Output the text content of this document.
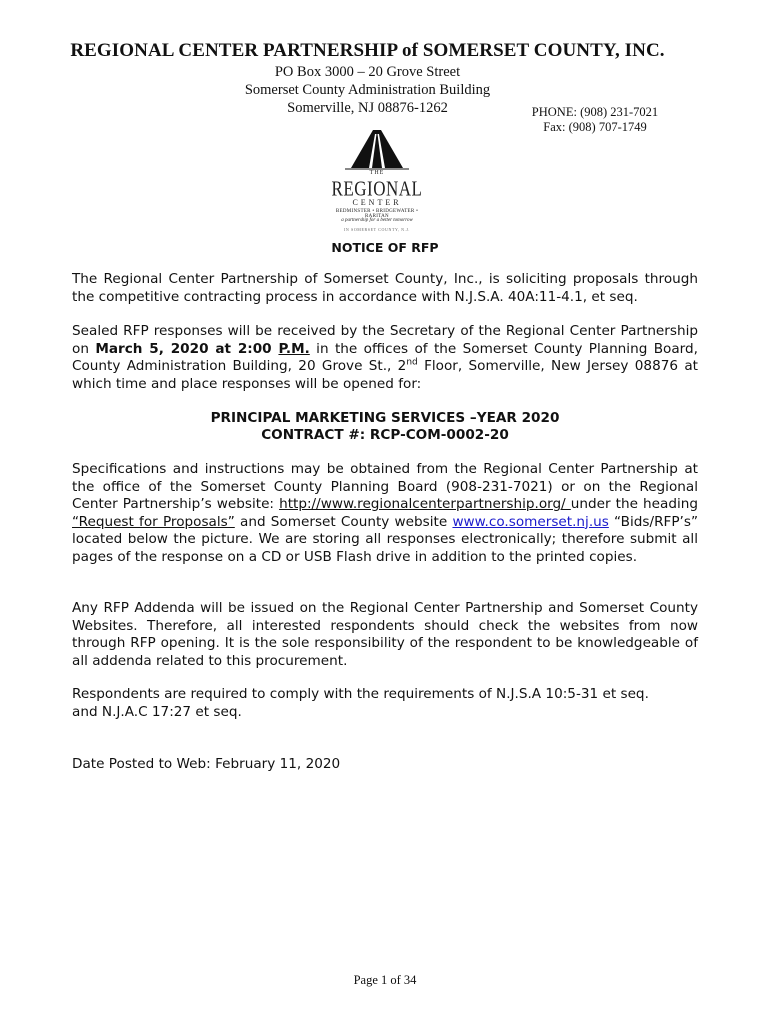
REGIONAL CENTER PARTNERSHIP of SOMERSET COUNTY, INC.
PO Box 3000 – 20 Grove Street
Somerset County Administration Building
Somerville, NJ 08876-1262	PHONE: (908) 231-7021
Fax: (908) 707-1749
THE
REGIONAL
CENTER
BEDMINSTER • BRIDGEWATER • RARITAN
a partnership for a better tomorrow
IN SOMERSET COUNTY, N.J.
NOTICE OF RFP

The Regional Center Partnership of Somerset County, Inc., is soliciting proposals through the competitive contracting process in accordance with N.J.S.A. 40A:11-4.1, et seq.

Sealed RFP responses will be received by the Secretary of the Regional Center Partnership on March 5, 2020 at 2:00 P.M. in the offices of the Somerset County Planning Board, County Administration Building, 20 Grove St., 2nd Floor, Somerville, New Jersey 08876 at which time and place responses will be opened for:

PRINCIPAL MARKETING SERVICES –YEAR 2020
CONTRACT #: RCP-COM-0002-20

Specifications and instructions may be obtained from the Regional Center Partnership at the office of the Somerset County Planning Board (908-231-7021) or on the Regional Center Partnership’s website: http://www.regionalcenterpartnership.org/ under the heading “Request for Proposals” and Somerset County website www.co.somerset.nj.us “Bids/RFP’s” located below the picture. We are storing all responses electronically; therefore submit all pages of the response on a CD or USB Flash drive in addition to the printed copies.

Any RFP Addenda will be issued on the Regional Center Partnership and Somerset County Websites. Therefore, all interested respondents should check the websites from now through RFP opening. It is the sole responsibility of the respondent to be knowledgeable of all addenda related to this procurement.

Respondents are required to comply with the requirements of N.J.S.A 10:5-31 et seq.
and N.J.A.C 17:27 et seq.

Date Posted to Web: February 11, 2020

Page 1 of 34
